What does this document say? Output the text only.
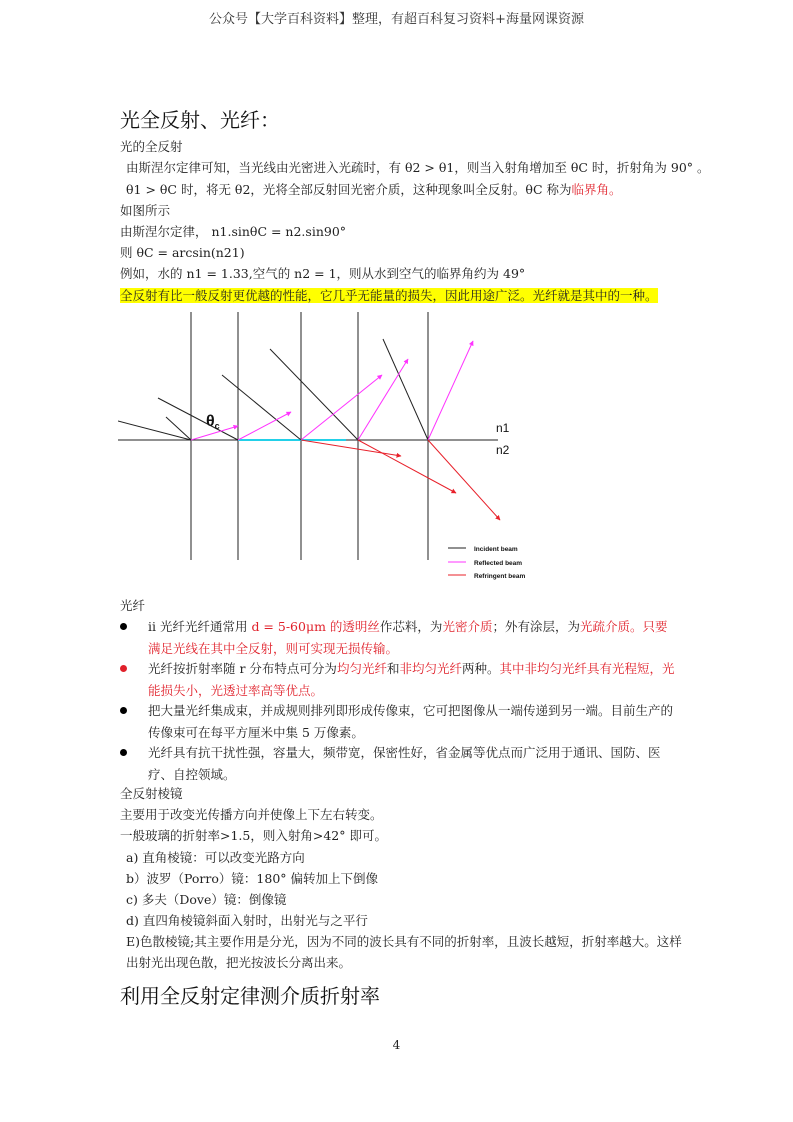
公众号【大学百科资料】整理，有超百科复习资料+海量网课资源
光全反射、光纤：
光的全反射
由斯涅尔定律可知，当光线由光密进入光疏时，有 θ2 > θ1，则当入射角增加至 θC 时，折射角为 90° 。
θ1 > θC 时，将无 θ2，光将全部反射回光密介质，这种现象叫全反射。θC 称为临界角。
如图所示
由斯涅尔定律， n1.sinθC = n2.sin90°
则 θC = arcsin(n21)
例如，水的 n1 = 1.33,空气的 n2 = 1，则从水到空气的临界角约为 49°
全反射有比一般反射更优越的性能，它几乎无能量的损失，因此用途广泛。光纤就是其中的一种。
θc	n1
n2
Incident beam
Reflected beam
Refringent beam
光纤
ⅱ 光纤光纤通常用 d = 5-60μm 的透明丝作芯料，为光密介质；外有涂层，为光疏介质。只要满足光线在其中全反射，则可实现无损传输。
光纤按折射率随 r 分布特点可分为均匀光纤和非均匀光纤两种。其中非均匀光纤具有光程短，光能损失小，光透过率高等优点。
把大量光纤集成束，并成规则排列即形成传像束，它可把图像从一端传递到另一端。目前生产的传像束可在每平方厘米中集 5 万像素。
光纤具有抗干扰性强，容量大，频带宽，保密性好，省金属等优点而广泛用于通讯、国防、医疗、自控领域。
全反射棱镜
主要用于改变光传播方向并使像上下左右转变。
一般玻璃的折射率>1.5，则入射角>42° 即可。
a) 直角棱镜：可以改变光路方向
b）波罗（Porro）镜：180° 偏转加上下倒像
c) 多夫（Dove）镜：倒像镜
d) 直四角棱镜斜面入射时，出射光与之平行
E)色散棱镜;其主要作用是分光，因为不同的波长具有不同的折射率，且波长越短，折射率越大。这样出射光出现色散，把光按波长分离出来。
利用全反射定律测介质折射率
4
